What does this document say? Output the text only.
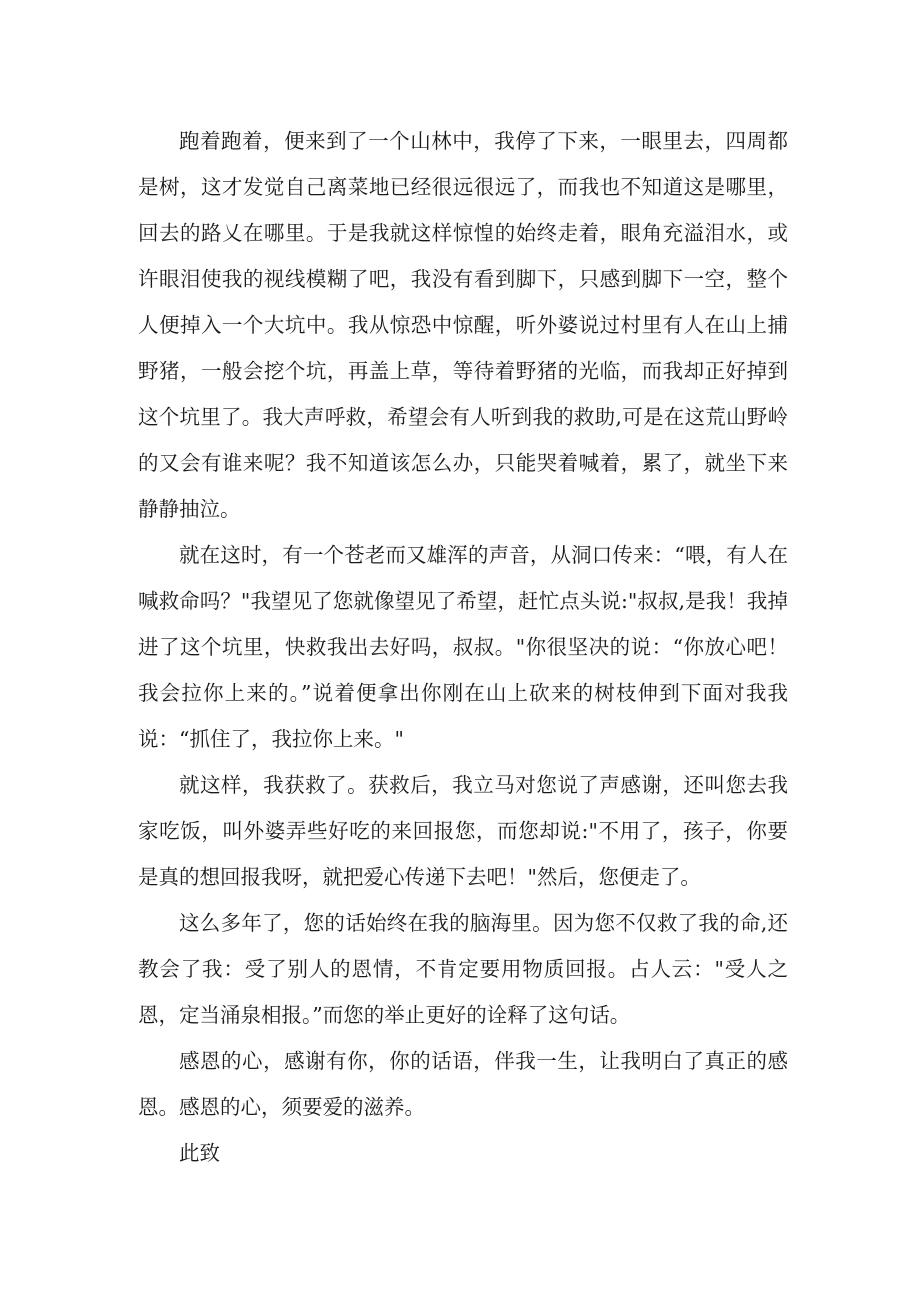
跑着跑着，便来到了一个山林中，我停了下来，一眼里去，四周都是树，这才发觉自己离菜地已经很远很远了，而我也不知道这是哪里，回去的路乂在哪里。于是我就这样惊惶的始终走着，眼角充溢泪水，或许眼泪使我的视线模糊了吧，我没有看到脚下，只感到脚下一空，整个人便掉入一个大坑中。我从惊恐中惊醒，听外婆说过村里有人在山上捕野猪，一般会挖个坑，再盖上草，等待着野猪的光临，而我却正好掉到这个坑里了。我大声呼救，希望会有人听到我的救助,可是在这荒山野岭的又会有谁来呢？我不知道该怎么办，只能哭着喊着，累了，就坐下来静静抽泣。

就在这时，有一个苍老而又雄浑的声音，从洞口传来：“喂，有人在喊救命吗？"我望见了您就像望见了希望，赶忙点头说:"叔叔,是我！我掉进了这个坑里，快救我出去好吗，叔叔。"你很坚决的说：“你放心吧！我会拉你上来的。”说着便拿出你刚在山上砍来的树枝伸到下面对我我说：“抓住了，我拉你上来。"

就这样，我获救了。获救后，我立马对您说了声感谢，还叫您去我家吃饭，叫外婆弄些好吃的来回报您，而您却说:"不用了，孩子，你要是真的想回报我呀，就把爱心传递下去吧！"然后，您便走了。

这么多年了，您的话始终在我的脑海里。因为您不仅救了我的命,还教会了我：受了别人的恩情，不肯定要用物质回报。占人云："受人之恩，定当涌泉相报。”而您的举止更好的诠释了这句话。

感恩的心，感谢有你，你的话语，伴我一生，让我明白了真正的感恩。感恩的心，须要爱的滋养。

此致
